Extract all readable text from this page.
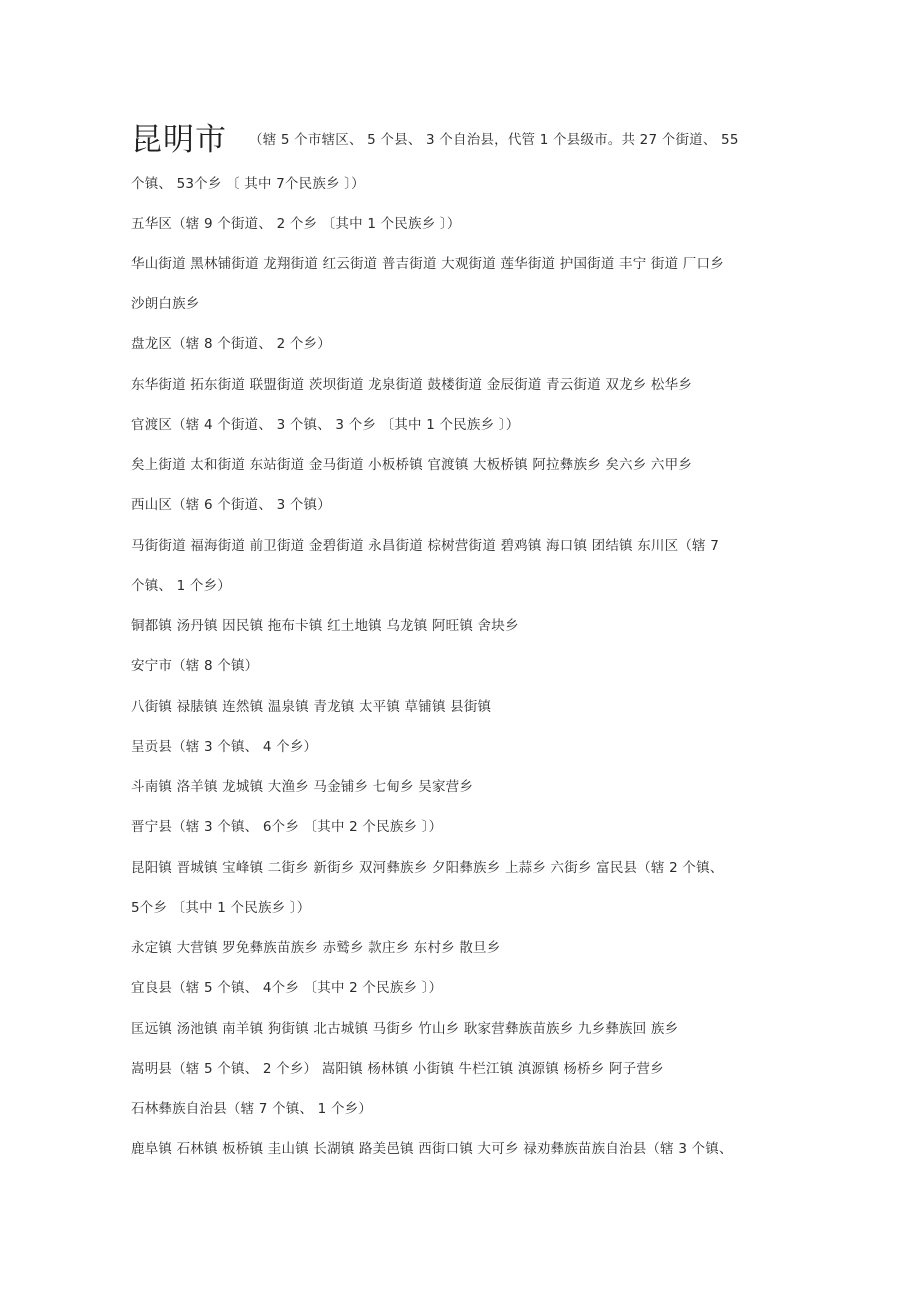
昆明市 $^{(辖 5 个市辖区、 5 个县、 3 个自治县,代管 1 个县级市。共 27 个街道、 55}$
个镇、 53个乡 〔 其中 7个民族乡 〕）
五华区（辖 9 个街道、 2 个乡 〔其中 1 个民族乡 〕）
华山街道 黑林铺街道 龙翔街道 红云街道 普吉街道 大观街道 莲华街道 护国街道 丰宁 街道 厂口乡
沙朗白族乡
盘龙区（辖 8 个街道、 2 个乡）
东华街道 拓东街道 联盟街道 茨坝街道 龙泉街道 鼓楼街道 金辰街道 青云街道 双龙乡 松华乡
官渡区（辖 4 个街道、 3 个镇、 3 个乡 〔其中 1 个民族乡 〕）
矣上街道 太和街道 东站街道 金马街道 小板桥镇 官渡镇 大板桥镇 阿拉彝族乡 矣六乡 六甲乡
西山区（辖 6 个街道、 3 个镇）
马街街道 福海街道 前卫街道 金碧街道 永昌街道 棕树营街道 碧鸡镇 海口镇 团结镇 东川区（辖 7
个镇、 1 个乡）
铜都镇 汤丹镇 因民镇 拖布卡镇 红土地镇 乌龙镇 阿旺镇 舍块乡
安宁市（辖 8 个镇）
八街镇 禄脿镇 连然镇 温泉镇 青龙镇 太平镇 草铺镇 县街镇
呈贡县（辖 3 个镇、 4 个乡）
斗南镇 洛羊镇 龙城镇 大渔乡 马金铺乡 七甸乡 吴家营乡
晋宁县（辖 3 个镇、 6个乡 〔其中 2 个民族乡 〕）
昆阳镇 晋城镇 宝峰镇 二街乡 新街乡 双河彝族乡 夕阳彝族乡 上蒜乡 六街乡 富民县（辖 2 个镇、
5个乡 〔其中 1 个民族乡 〕）
永定镇 大营镇 罗免彝族苗族乡 赤鹫乡 款庄乡 东村乡 散旦乡
宜良县（辖 5 个镇、 4个乡 〔其中 2 个民族乡 〕）
匡远镇 汤池镇 南羊镇 狗街镇 北古城镇 马街乡 竹山乡 耿家营彝族苗族乡 九乡彝族回 族乡
嵩明县（辖 5 个镇、 2 个乡） 嵩阳镇 杨林镇 小街镇 牛栏江镇 滇源镇 杨桥乡 阿子营乡
石林彝族自治县（辖 7 个镇、 1 个乡）
鹿阜镇 石林镇 板桥镇 圭山镇 长湖镇 路美邑镇 西街口镇 大可乡 禄劝彝族苗族自治县（辖 3 个镇、
